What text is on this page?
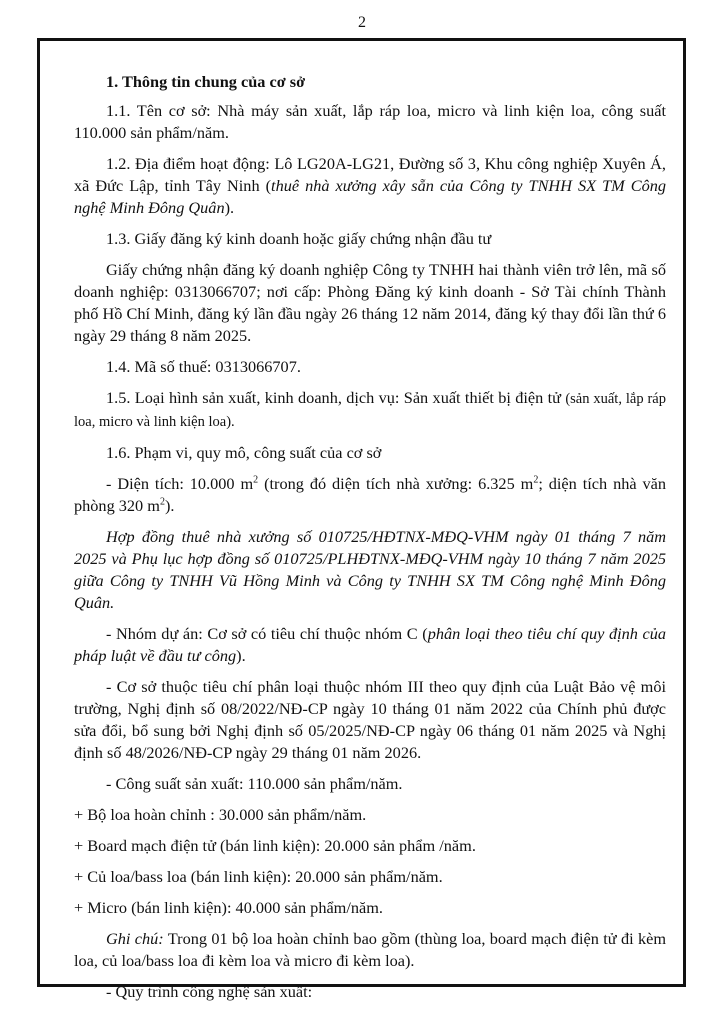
2

1. Thông tin chung của cơ sở

1.1. Tên cơ sở: Nhà máy sản xuất, lắp ráp loa, micro và linh kiện loa, công suất 110.000 sản phẩm/năm.

1.2. Địa điểm hoạt động: Lô LG20A-LG21, Đường số 3, Khu công nghiệp Xuyên Á, xã Đức Lập, tỉnh Tây Ninh (thuê nhà xưởng xây sẵn của Công ty TNHH SX TM Công nghệ Minh Đông Quân).

1.3. Giấy đăng ký kinh doanh hoặc giấy chứng nhận đầu tư

Giấy chứng nhận đăng ký doanh nghiệp Công ty TNHH hai thành viên trở lên, mã số doanh nghiệp: 0313066707; nơi cấp: Phòng Đăng ký kinh doanh - Sở Tài chính Thành phố Hồ Chí Minh, đăng ký lần đầu ngày 26 tháng 12 năm 2014, đăng ký thay đổi lần thứ 6 ngày 29 tháng 8 năm 2025.

1.4. Mã số thuế: 0313066707.

1.5. Loại hình sản xuất, kinh doanh, dịch vụ: Sản xuất thiết bị điện tử (sản xuất, lắp ráp loa, micro và linh kiện loa).

1.6. Phạm vi, quy mô, công suất của cơ sở

- Diện tích: 10.000 $m^2$ (trong đó diện tích nhà xưởng: 6.325 $m^2$; diện tích nhà văn phòng 320 $m^2$).

Hợp đồng thuê nhà xưởng số 010725/HĐTNX-MĐQ-VHM ngày 01 tháng 7 năm 2025 và Phụ lục hợp đồng số 010725/PLHĐTNX-MĐQ-VHM ngày 10 tháng 7 năm 2025 giữa Công ty TNHH Vũ Hồng Minh và Công ty TNHH SX TM Công nghệ Minh Đông Quân.

- Nhóm dự án: Cơ sở có tiêu chí thuộc nhóm C (phân loại theo tiêu chí quy định của pháp luật về đầu tư công).

- Cơ sở thuộc tiêu chí phân loại thuộc nhóm III theo quy định của Luật Bảo vệ môi trường, Nghị định số 08/2022/NĐ-CP ngày 10 tháng 01 năm 2022 của Chính phủ được sửa đổi, bổ sung bởi Nghị định số 05/2025/NĐ-CP ngày 06 tháng 01 năm 2025 và Nghị định số 48/2026/NĐ-CP ngày 29 tháng 01 năm 2026.

- Công suất sản xuất: 110.000 sản phẩm/năm.

+ Bộ loa hoàn chỉnh : 30.000 sản phẩm/năm.

+ Board mạch điện tử (bán linh kiện): 20.000 sản phẩm /năm.

+ Củ loa/bass loa (bán linh kiện): 20.000 sản phẩm/năm.

+ Micro (bán linh kiện): 40.000 sản phẩm/năm.

Ghi chú: Trong 01 bộ loa hoàn chỉnh bao gồm (thùng loa, board mạch điện tử đi kèm loa, củ loa/bass loa đi kèm loa và micro đi kèm loa).

- Quy trình công nghệ sản xuất:
